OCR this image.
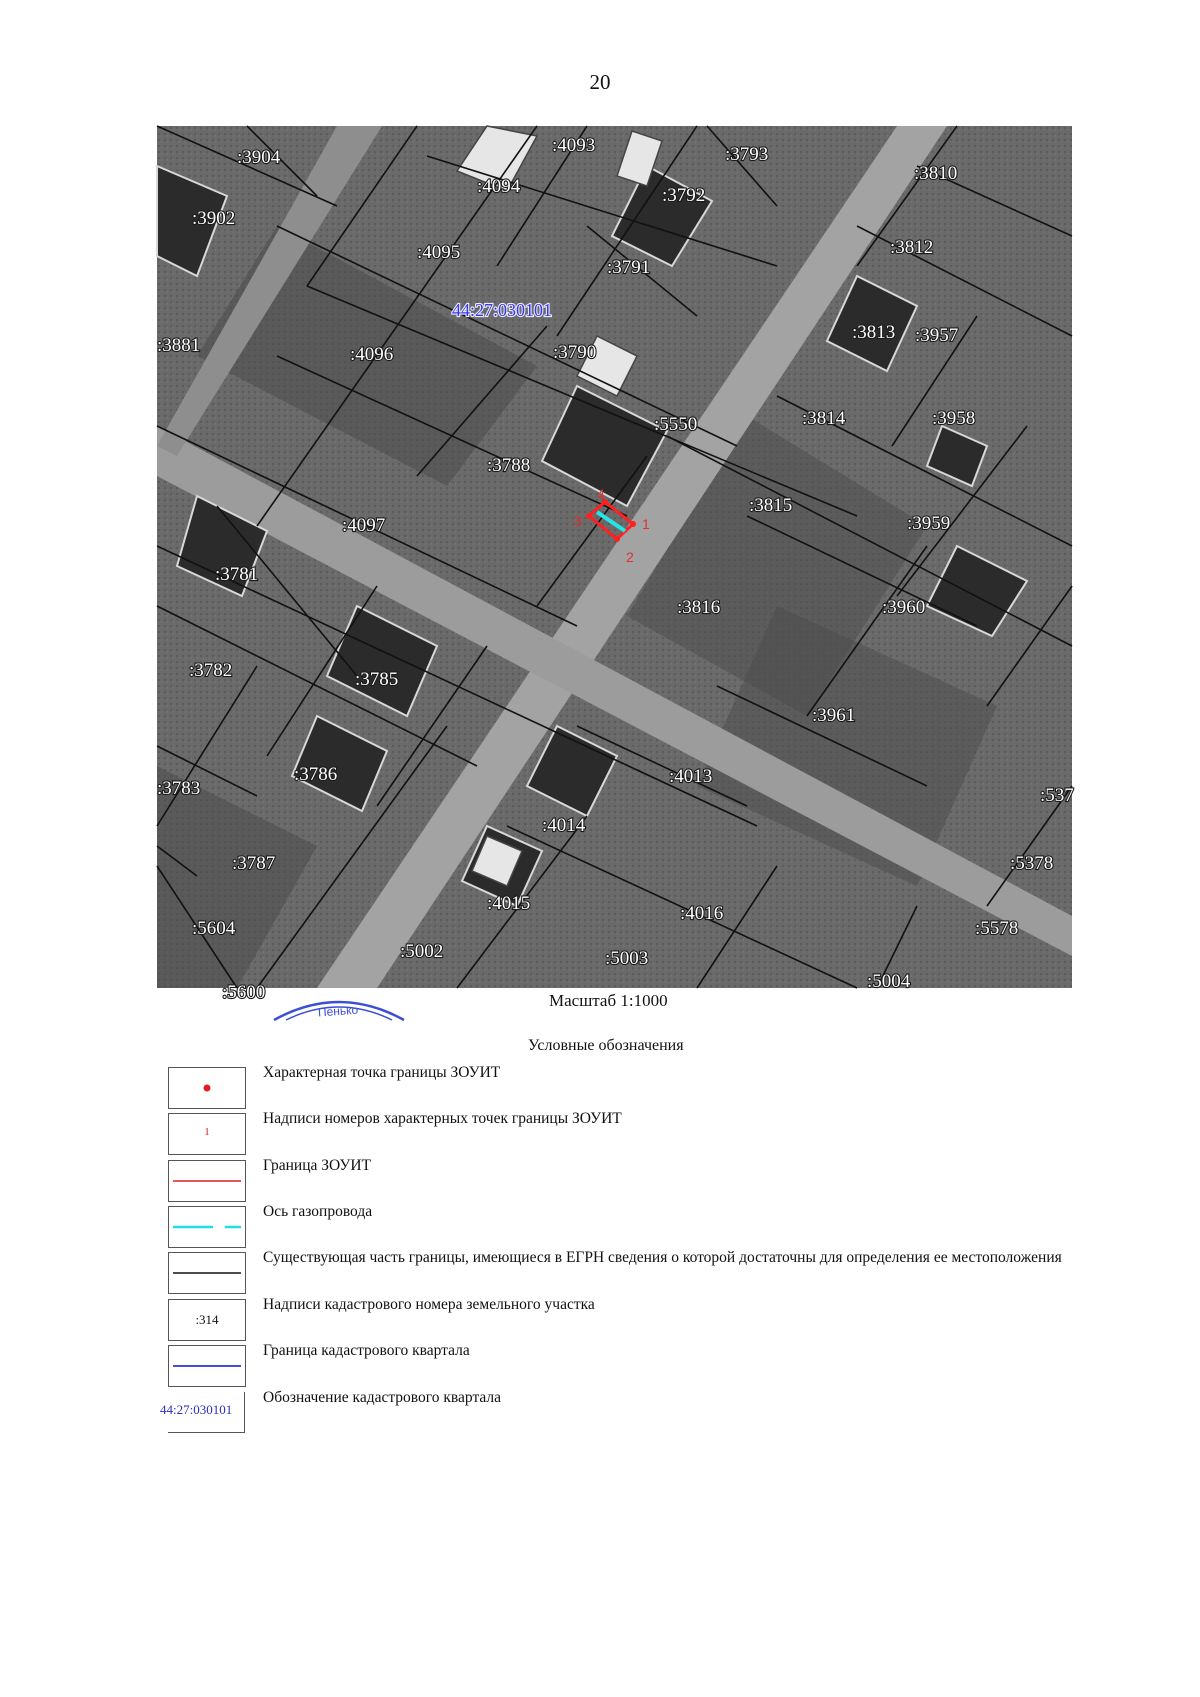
20
1
2
3
4
:3904
:4093	:3793
:3810
:3902
:4094	:3792
:4095	:3812
:3791
:3881	:4096	:3790
:3813 :3957
:5550	:3814	:3958
:3788
:3815
:4097	:3959
:3781
:3816	:3960
:3782	:3785
:3961
:3786	:4013
:3783	:537
:4014
:3787	:5378
:4015	:4016
:5604	:5578
:5002	:5003
:5004
:5600
44:27:030101
Пенько
Масштаб 1:1000
Условные обозначения
Характерная точка границы ЗОУИТ
1
Надписи номеров характерных точек границы ЗОУИТ
Граница ЗОУИТ
Ось газопровода
Существующая часть границы, имеющиеся в ЕГРН сведения о которой достаточны для определения ее местоположения
:314
Надписи кадастрового номера земельного участка
Граница кадастрового квартала
44:27:030101
Обозначение кадастрового квартала
